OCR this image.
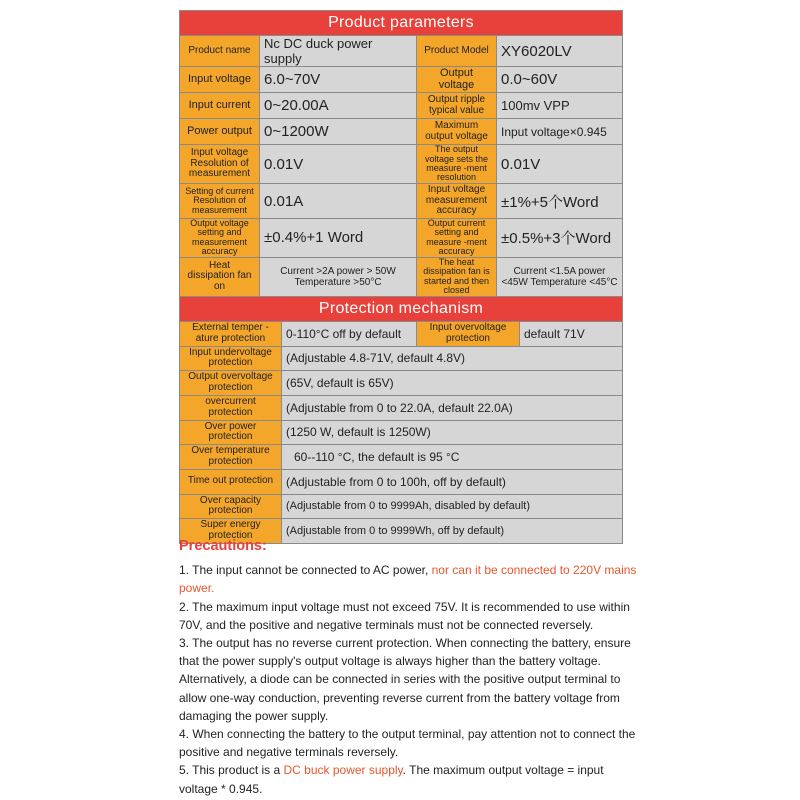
Product parameters			
Product name	Nc DC duck power supply	Product Model	XY6020LV
Input voltage	6.0~70V	Output voltage	0.0~60V
Input current	0~20.00A	Output ripple typical value	100mv VPP
Power output	0~1200W	Maximum output voltage	Input voltage×0.945
Input voltage Resolution of measurement	0.01V	The output voltage sets the measure -ment resolution	0.01V
Setting of current Resolution of measurement	0.01A	Input voltage measurement accuracy	±1%+5个Word
Output voltage setting and measurement accuracy	±0.4%+1 Word	Output current setting and measure -ment accuracy	±0.5%+3个Word
Heat dissipation fan on	Current >2A power > 50W Temperature >50°C	The heat dissipation fan is started and then closed	Current <1.5A power <45W Temperature <45°C
Protection mechanism			
External temper -ature protection	0-110°C off by default	Input overvoltage protection	default 71V
Input undervoltage protection	(Adjustable 4.8-71V, default 4.8V)		
Output overvoltage protection	(65V, default is 65V)		
overcurrent protection	(Adjustable from 0 to 22.0A, default 22.0A)		
Over power protection	(1250 W, default is 1250W)		
Over temperature protection	60--110 °C, the default is 95 °C		
Time out protection	(Adjustable from 0 to 100h, off by default)		
Over capacity protection	(Adjustable from 0 to 9999Ah, disabled by default)		
Super energy protection	(Adjustable from 0 to 9999Wh, off by default)		
Precautions:

1. The input cannot be connected to AC power, nor can it be connected to 220V mains power.

2. The maximum input voltage must not exceed 75V. It is recommended to use within 70V, and the positive and negative terminals must not be connected reversely.

3. The output has no reverse current protection. When connecting the battery, ensure that the power supply's output voltage is always higher than the battery voltage. Alternatively, a diode can be connected in series with the positive output terminal to allow one-way conduction, preventing reverse current from the battery voltage from damaging the power supply.

4. When connecting the battery to the output terminal, pay attention not to connect the positive and negative terminals reversely.

5. This product is a DC buck power supply. The maximum output voltage = input voltage * 0.945.
